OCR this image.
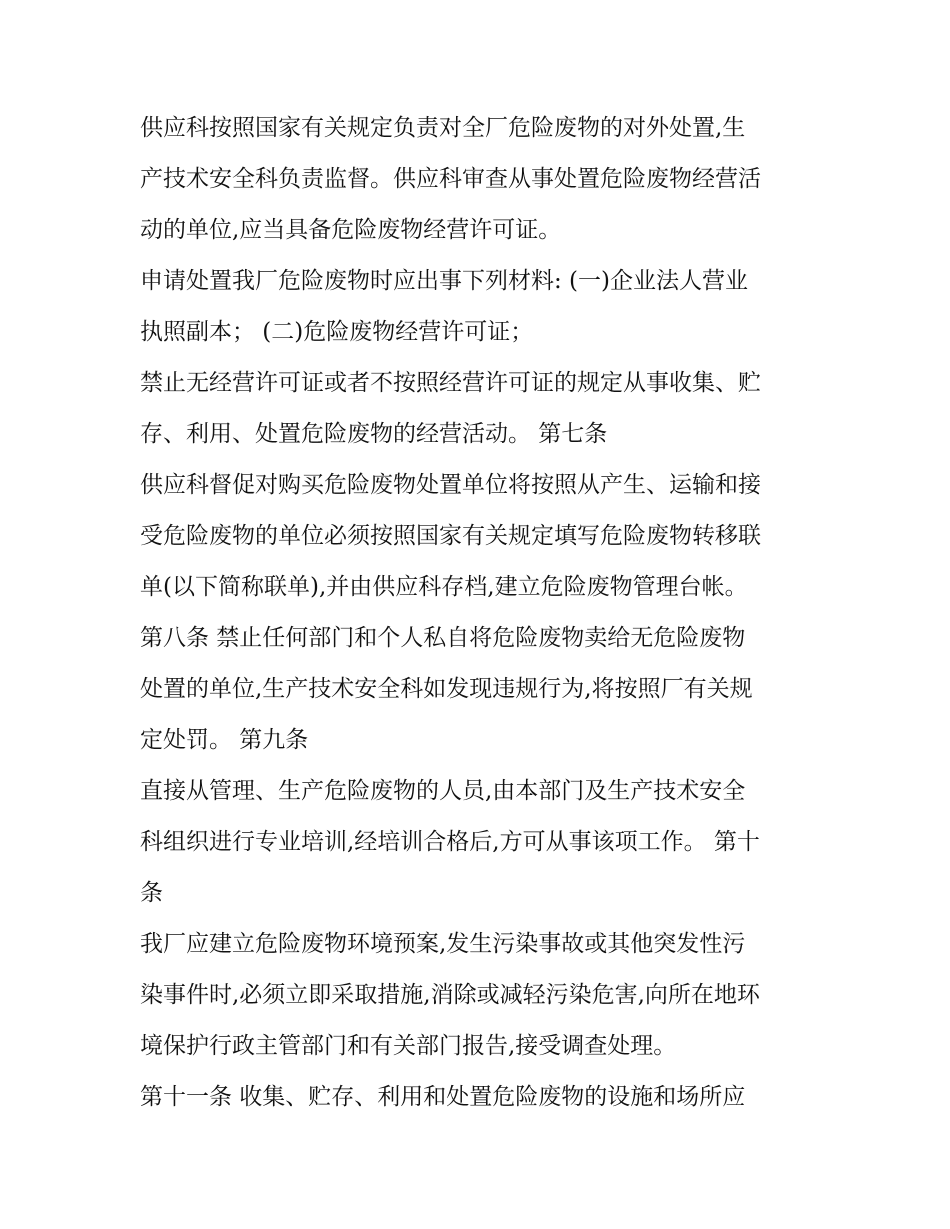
供应科按照国家有关规定负责对全厂危险废物的对外处置,生
产技术安全科负责监督。供应科审查从事处置危险废物经营活
动的单位,应当具备危险废物经营许可证。

申请处置我厂危险废物时应出事下列材料: (一)企业法人营业
执照副本； (二)危险废物经营许可证；

禁止无经营许可证或者不按照经营许可证的规定从事收集、贮
存、利用、处置危险废物的经营活动。 第七条

供应科督促对购买危险废物处置单位将按照从产生、运输和接
受危险废物的单位必须按照国家有关规定填写危险废物转移联
单(以下简称联单),并由供应科存档,建立危险废物管理台帐。

第八条 禁止任何部门和个人私自将危险废物卖给无危险废物
处置的单位,生产技术安全科如发现违规行为,将按照厂有关规
定处罚。 第九条

直接从管理、生产危险废物的人员,由本部门及生产技术安全
科组织进行专业培训,经培训合格后,方可从事该项工作。 第十
条

我厂应建立危险废物环境预案,发生污染事故或其他突发性污
染事件时,必须立即采取措施,消除或减轻污染危害,向所在地环
境保护行政主管部门和有关部门报告,接受调查处理。

第十一条 收集、贮存、利用和处置危险废物的设施和场所应
